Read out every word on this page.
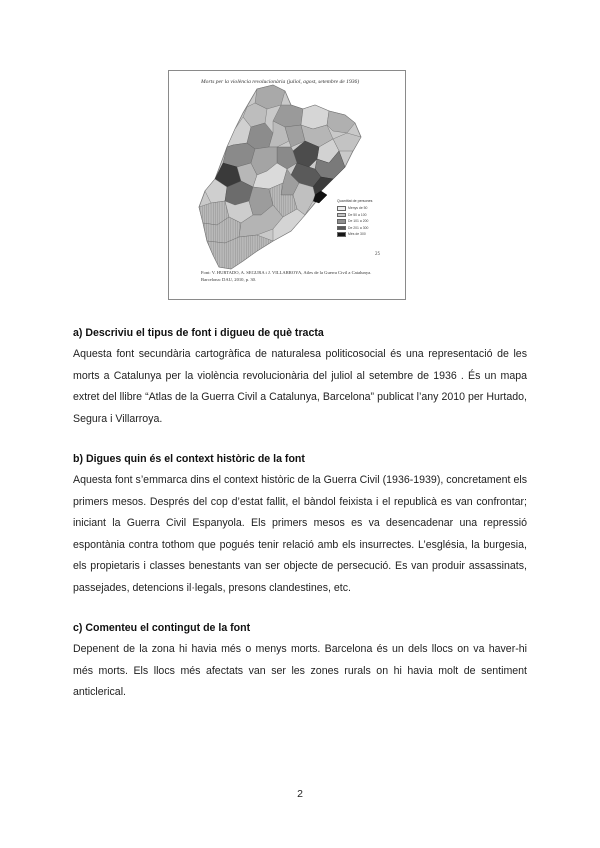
Morts per la violència revolucionària (juliol, agost, setembre de 1936)
25
Quantitat de persones
Menys de 50
De 50 a 100
De 101 a 200
De 201 a 300
Més de 300
Font: V. HURTADO, A. SEGURA i J. VILLARROYA, Atles de la Guerra Civil a Catalunya. Barcelona: DAU, 2010, p. 30.

a) Descriviu el tipus de font i digueu de què tracta

Aquesta font secundària cartogràfica de naturalesa politicosocial és una representació de les morts a Catalunya per la violència revolucionària del juliol al setembre de 1936 . És un mapa extret del llibre “Atlas de la Guerra Civil a Catalunya, Barcelona” publicat l’any 2010 per Hurtado, Segura i Villarroya.

b) Digues quin és el context històric de la font

Aquesta font s’emmarca dins el context històric de la Guerra Civil (1936-1939), concretament els primers mesos. Després del cop d’estat fallit, el bàndol feixista i el republicà es van confrontar; iniciant la Guerra Civil Espanyola. Els primers mesos es va desencadenar una repressió espontània contra tothom que pogués tenir relació amb els insurrectes. L’església, la burgesia, els propietaris i classes benestants van ser objecte de persecució. Es van produir assassinats, passejades, detencions il·legals, presons clandestines, etc.

c) Comenteu el contingut de la font

Depenent de la zona hi havia més o menys morts. Barcelona és un dels llocs on va haver-hi més morts. Els llocs més afectats van ser les zones rurals on hi havia molt de sentiment anticlerical.

2
